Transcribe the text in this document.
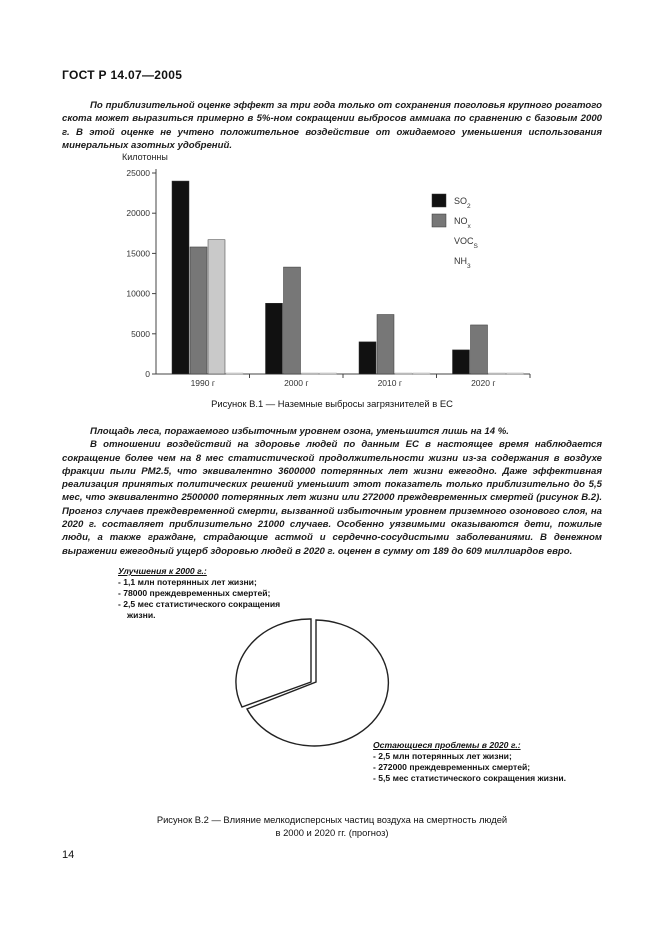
ГОСТ Р 14.07—2005

По приблизительной оценке эффект за три года только от сохранения поголовья крупного рогатого скота может выразиться примерно в 5%-ном сокращении выбросов аммиака по сравнению с базовым 2000 г. В этой оценке не учтено положительное воздействие от ожидаемого уменьшения использования минеральных азотных удобрений.

Килотонны
0
5000
10000
15000
20000
25000
1990 г	2000 г	2010 г	2020 г
$SO_2$
$NO_x$
$VOC_S$
$NH_3$
Рисунок В.1 — Наземные выбросы загрязнителей в ЕС

Площадь леса, поражаемого избыточным уровнем озона, уменьшится лишь на 14 %.

В отношении воздействий на здоровье людей по данным ЕС в настоящее время наблюдается сокращение более чем на 8 мес статистической продолжительности жизни из-за содержания в воздухе фракции пыли PM2.5, что эквивалентно 3600000 потерянных лет жизни ежегодно. Даже эффективная реализация принятых политических решений уменьшит этот показатель только приблизительно до 5,5 мес, что эквивалентно 2500000 потерянных лет жизни или 272000 преждевременных смертей (рисунок В.2). Прогноз случаев преждевременной смерти, вызванной избыточным уровнем приземного озонового слоя, на 2020 г. составляет приблизительно 21000 случаев. Особенно уязвимыми оказываются дети, пожилые люди, а также граждане, страдающие астмой и сердечно-сосудистыми заболеваниями. В денежном выражении ежегодный ущерб здоровью людей в 2020 г. оценен в сумму от 189 до 609 миллиардов евро.

Улучшения к 2000 г.:
- 1,1 млн потерянных лет жизни;
- 78000 преждевременных смертей;
- 2,5 мес статистического сокращения жизни.
Остающиеся проблемы в 2020 г.:
- 2,5 млн потерянных лет жизни;
- 272000 преждевременных смертей;
- 5,5 мес статистического сокращения жизни.
Рисунок В.2 — Влияние мелкодисперсных частиц воздуха на смертность людей
в 2000 и 2020 гг. (прогноз)
14
